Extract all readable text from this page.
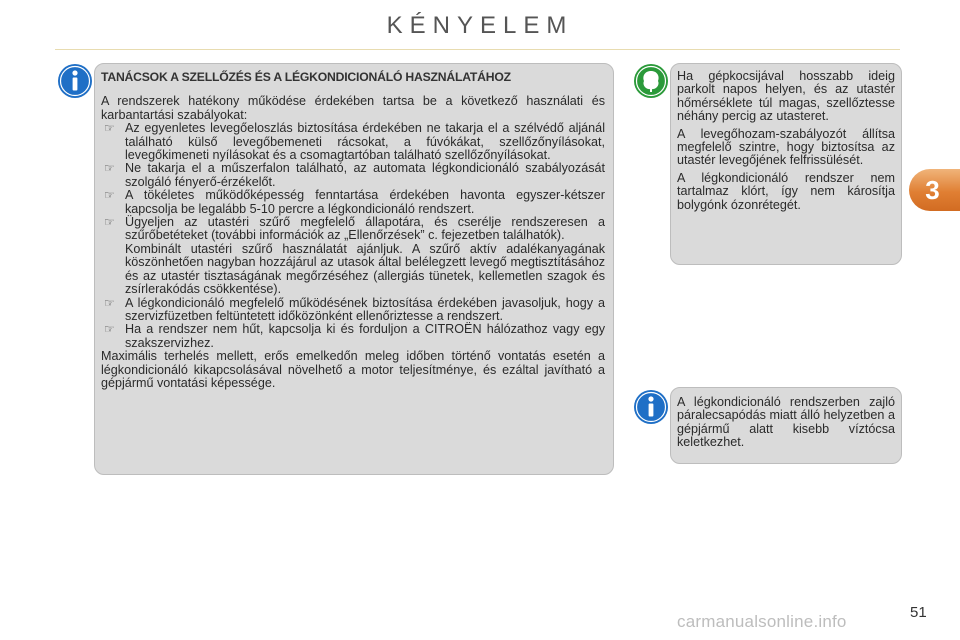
KÉNYELEM
3
TANÁCSOK A SZELLŐZÉS ÉS A LÉGKONDICIONÁLÓ HASZNÁLATÁHOZ

A rendszerek hatékony működése érdekében tartsa be a következő használati és karbantartási szabályokat:

☞ Az egyenletes levegőeloszlás biztosítása érdekében ne takarja el a szélvédő aljánál található külső levegőbemeneti rácsokat, a fúvókákat, szellőzőnyílásokat, levegőkimeneti nyílásokat és a csomagtartóban található szellőzőnyílásokat.
☞ Ne takarja el a műszerfalon található, az automata légkondicionáló szabályozását szolgáló fényerő-érzékelőt.
☞ A tökéletes működőképesség fenntartása érdekében havonta egyszer-kétszer kapcsolja be legalább 5-10 percre a légkondicionáló rendszert.
☞ Ügyeljen az utastéri szűrő megfelelő állapotára, és cserélje rendszeresen a szűrőbetéteket (további információk az „Ellenőrzések” c. fejezetben találhatók).

Kombinált utastéri szűrő használatát ajánljuk. A szűrő aktív adalékanyagának köszönhetően nagyban hozzájárul az utasok által belélegzett levegő megtisztításához és az utastér tisztaságának megőrzéséhez (allergiás tünetek, kellemetlen szagok és zsírlerakódás csökkentése).

☞ A légkondicionáló megfelelő működésének biztosítása érdekében javasoljuk, hogy a szervizfüzetben feltüntetett időközönként ellenőriztesse a rendszert.
☞ Ha a rendszer nem hűt, kapcsolja ki és forduljon a CITROËN hálózathoz vagy egy szakszervizhez.

Maximális terhelés mellett, erős emelkedőn meleg időben történő vontatás esetén a légkondicionáló kikapcsolásával növelhető a motor teljesítménye, és ezáltal javítható a gépjármű vontatási képessége.

Ha gépkocsijával hosszabb ideig parkolt napos helyen, és az utastér hőmérséklete túl magas, szellőztesse néhány percig az utasteret.

A levegőhozam-szabályozót állítsa megfelelő szintre, hogy biztosítsa az utastér levegőjének felfrissülését.

A légkondicionáló rendszer nem tartalmaz klórt, így nem károsítja bolygónk ózonrétegét.

A légkondicionáló rendszerben zajló páralecsapódás miatt álló helyzetben a gépjármű alatt kisebb víztócsa keletkezhet.

51
carmanualsonline.info
